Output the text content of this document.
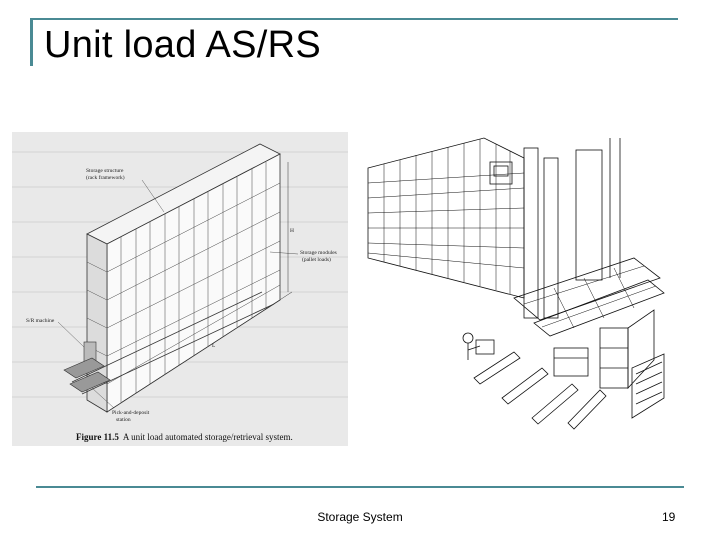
Unit load AS/RS
Storage structure
(rack framework)
Storage modules
(pallet loads)
S/R machine
Pick-and-deposit
station
H
L
Figure 11.5 A unit load automated storage/retrieval system.
Storage System	19
